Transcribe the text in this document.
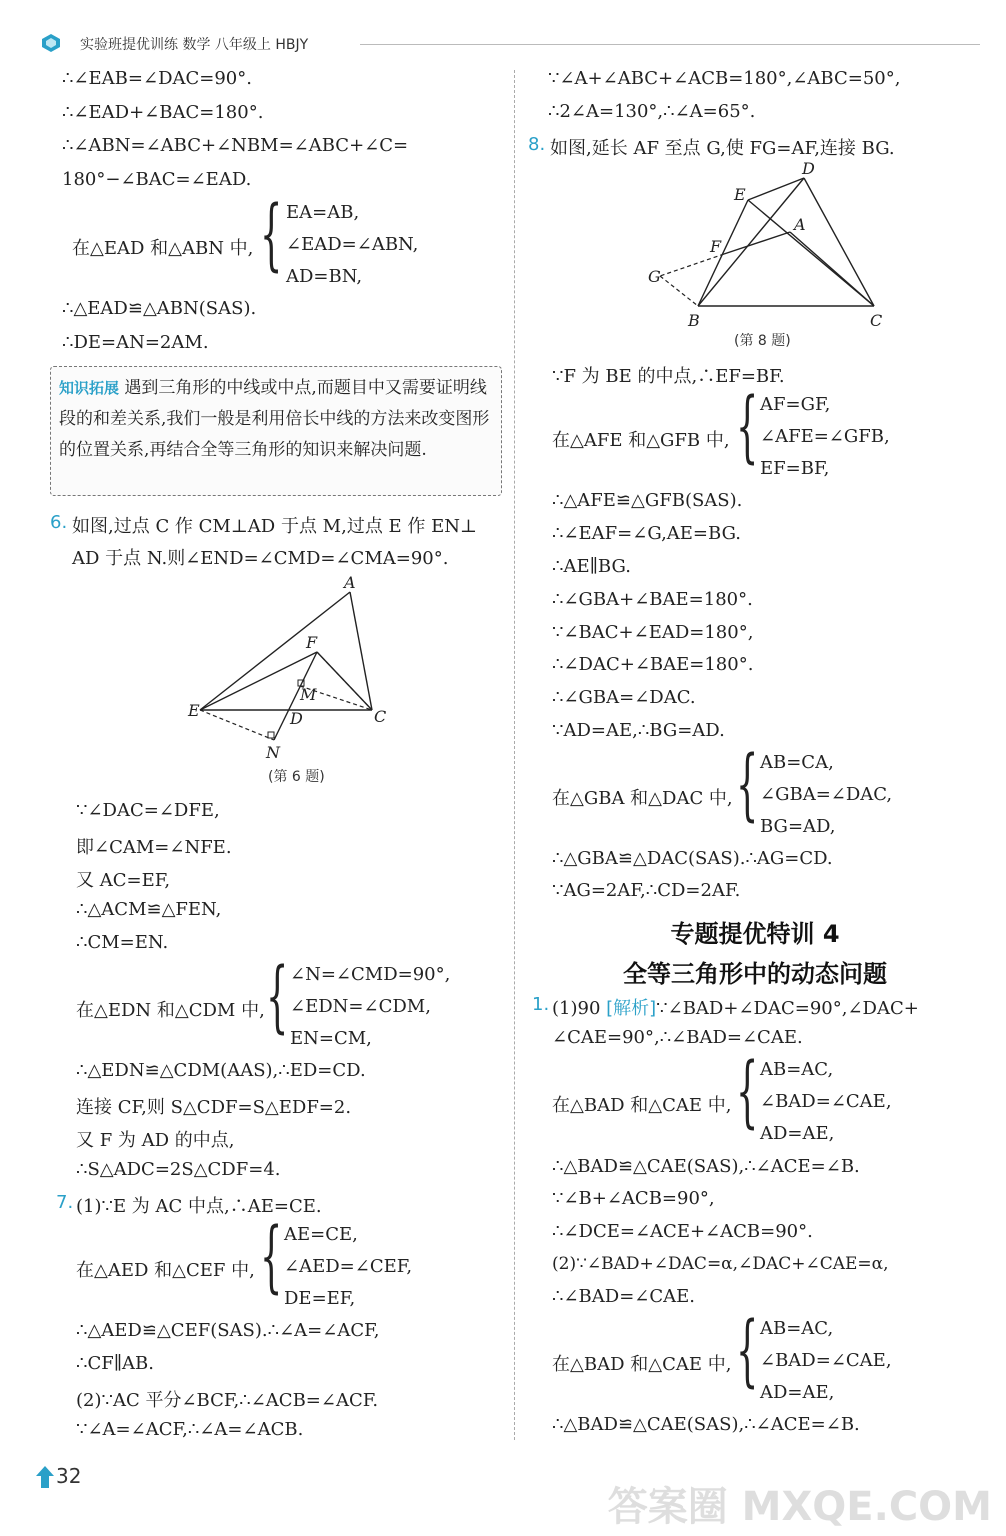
实验班提优训练 数学 八年级上 HBJY
∴∠EAB=∠DAC=90°.
∴∠EAD+∠BAC=180°.
∴∠ABN=∠ABC+∠NBM=∠ABC+∠C=
180°−∠BAC=∠EAD.
在△EAD 和△ABN 中, { EA=AB,
∠EAD=∠ABN,
AD=BN,
∴△EAD≌△ABN(SAS).
∴DE=AN=2AM.
知识拓展 遇到三角形的中线或中点,而题目中又需要证明线段的和差关系,我们一般是利用倍长中线的方法来改变图形的位置关系,再结合全等三角形的知识来解决问题.
6. 如图,过点 C 作 CM⊥AD 于点 M,过点 E 作 EN⊥
AD 于点 N.则∠END=∠CMD=∠CMA=90°.
A
F
M
E	D	C
N
(第 6 题)
∵∠DAC=∠DFE,
即∠CAM=∠NFE.
又 AC=EF,
∴△ACM≌△FEN,
∴CM=EN.
在△EDN 和△CDM 中, { ∠N=∠CMD=90°,
∠EDN=∠CDM,
EN=CM,
∴△EDN≌△CDM(AAS),∴ED=CD.
连接 CF,则 S△CDF=S△EDF=2.
又 F 为 AD 的中点,
∴S△ADC=2S△CDF=4.
7. (1)∵E 为 AC 中点,∴AE=CE.
在△AED 和△CEF 中, { AE=CE,
∠AED=∠CEF,
DE=EF,
∴△AED≌△CEF(SAS).∴∠A=∠ACF,
∴CF∥AB.
(2)∵AC 平分∠BCF,∴∠ACB=∠ACF.
∵∠A=∠ACF,∴∠A=∠ACB.
∵∠A+∠ABC+∠ACB=180°,∠ABC=50°,
∴2∠A=130°,∴∠A=65°.
8. 如图,延长 AF 至点 G,使 FG=AF,连接 BG.
E
D
A
F
G
B	C
(第 8 题)
∵F 为 BE 的中点,∴EF=BF.
在△AFE 和△GFB 中, { AF=GF,
∠AFE=∠GFB,
EF=BF,
∴△AFE≌△GFB(SAS).
∴∠EAF=∠G,AE=BG.
∴AE∥BG.
∴∠GBA+∠BAE=180°.
∵∠BAC+∠EAD=180°,
∴∠DAC+∠BAE=180°.
∴∠GBA=∠DAC.
∵AD=AE,∴BG=AD.
在△GBA 和△DAC 中, { AB=CA,
∠GBA=∠DAC,
BG=AD,
∴△GBA≌△DAC(SAS).∴AG=CD.
∵AG=2AF,∴CD=2AF.
专题提优特训 4
全等三角形中的动态问题
1. (1)90 [解析]∵∠BAD+∠DAC=90°,∠DAC+
∠CAE=90°,∴∠BAD=∠CAE.
在△BAD 和△CAE 中, { AB=AC,
∠BAD=∠CAE,
AD=AE,
∴△BAD≌△CAE(SAS),∴∠ACE=∠B.
∵∠B+∠ACB=90°,
∴∠DCE=∠ACE+∠ACB=90°.
(2)∵∠BAD+∠DAC=α,∠DAC+∠CAE=α,
∴∠BAD=∠CAE.
在△BAD 和△CAE 中, { AB=AC,
∠BAD=∠CAE,
AD=AE,
∴△BAD≌△CAE(SAS),∴∠ACE=∠B.
32
答案圈 MXQE.COM
